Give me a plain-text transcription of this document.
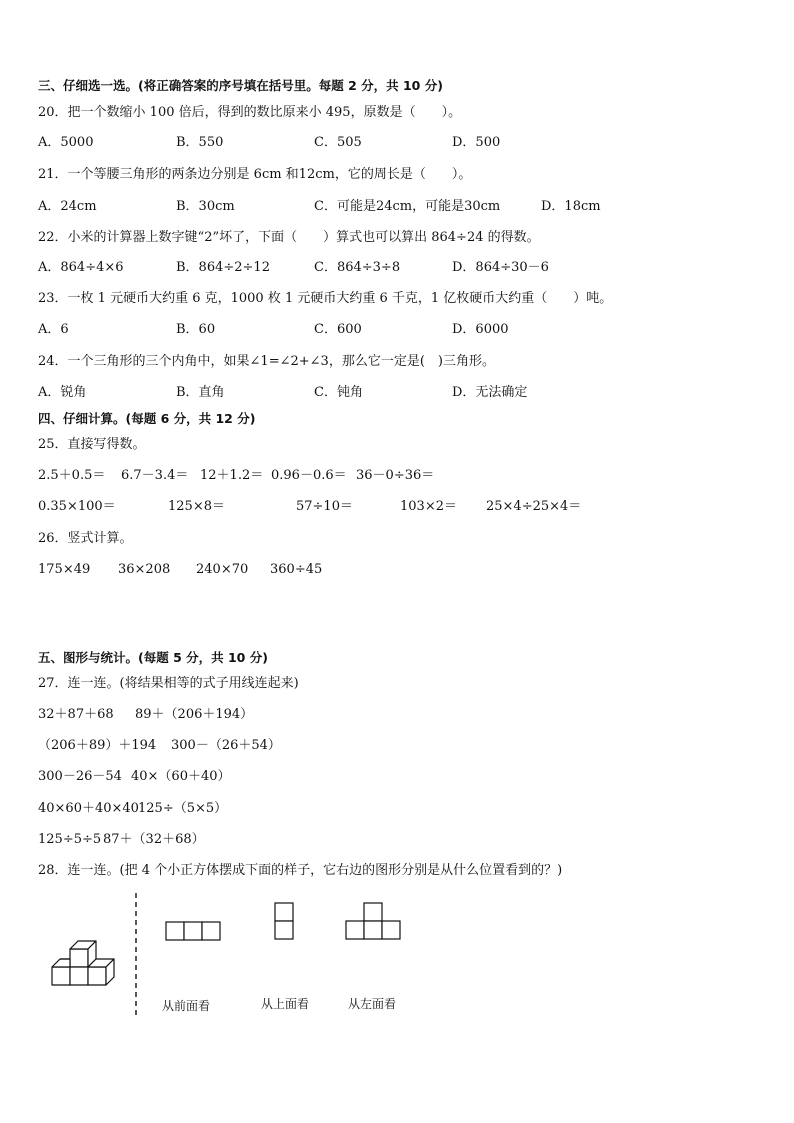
三、仔细选一选。(将正确答案的序号填在括号里。每题 2 分，共 10 分)
20．把一个数缩小 100 倍后，得到的数比原来小 495，原数是（　　）。
A．5000	B．550	C．505	D．500
21．一个等腰三角形的两条边分别是 6cm 和12cm，它的周长是（　　）。
A．24cm	B．30cm	C．可能是24cm，可能是30cm	D．18cm
22．小米的计算器上数字键“2”坏了，下面（　　）算式也可以算出 864÷24 的得数。
A．864÷4×6	B．864÷2÷12	C．864÷3÷8	D．864÷30－6
23．一枚 1 元硬币大约重 6 克，1000 枚 1 元硬币大约重 6 千克，1 亿枚硬币大约重（　　）吨。
A．6	B．60	C．600	D．6000
24．一个三角形的三个内角中，如果∠1=∠2+∠3，那么它一定是(　)三角形。
A．锐角	B．直角	C．钝角	D．无法确定
四、仔细计算。(每题 6 分，共 12 分)
25．直接写得数。
2.5＋0.5＝ 6.7－3.4＝ 12＋1.2＝ 0.96－0.6＝ 36－0÷36＝
0.35×100＝	125×8＝	57÷10＝	103×2＝ 25×4÷25×4＝
26．竖式计算。
175×49 36×208 240×70 360÷45
五、图形与统计。(每题 5 分，共 10 分)
27．连一连。(将结果相等的式子用线连起来)
32＋87＋68 89＋（206＋194）
（206＋89）＋194 300－（26＋54）
300－26－54 40×（60＋40）
40×60＋40×40 125÷（5×5）
125÷5÷5 87＋（32＋68）
28．连一连。(把 4 个小正方体摆成下面的样子，它右边的图形分别是从什么位置看到的？)
从前面看	从上面看	从左面看
